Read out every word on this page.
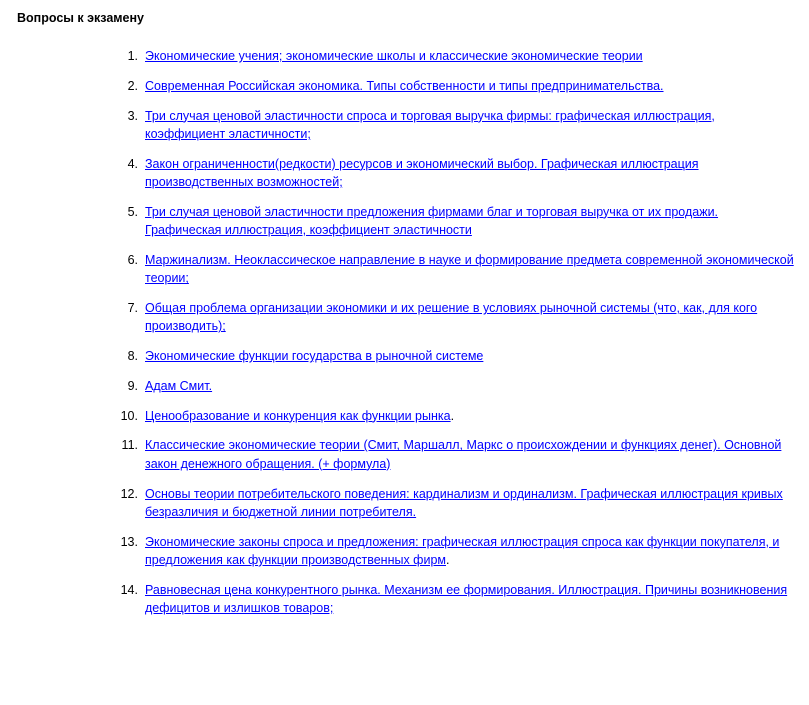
Вопросы к экзамену
1. Экономические учения; экономические школы и классические экономические теории
2. Современная Российская экономика. Типы собственности и типы предпринимательства.
3. Три случая ценовой эластичности спроса и торговая выручка фирмы: графическая иллюстрация, коэффициент эластичности;
4. Закон ограниченности(редкости) ресурсов и экономический выбор. Графическая иллюстрация производственных возможностей;
5. Три случая ценовой эластичности предложения фирмами благ и торговая выручка от их продажи. Графическая иллюстрация, коэффициент эластичности
6. Маржинализм. Неоклассическое направление в науке и формирование предмета современной экономической теории;
7. Общая проблема организации экономики и их решение в условиях рыночной системы (что, как, для кого производить);
8. Экономические функции государства в рыночной системе
9. Адам Смит.
10. Ценообразование и конкуренция как функции рынка.
11. Классические экономические теории (Смит, Маршалл, Маркс о происхождении и функциях денег). Основной закон денежного обращения. (+ формула)
12. Основы теории потребительского поведения: кардинализм и ординализм. Графическая иллюстрация кривых безразличия и бюджетной линии потребителя.
13. Экономические законы спроса и предложения: графическая иллюстрация спроса как функции покупателя, и предложения как функции производственных фирм.
14. Равновесная цена конкурентного рынка. Механизм ее формирования. Иллюстрация. Причины возникновения дефицитов и излишков товаров;
